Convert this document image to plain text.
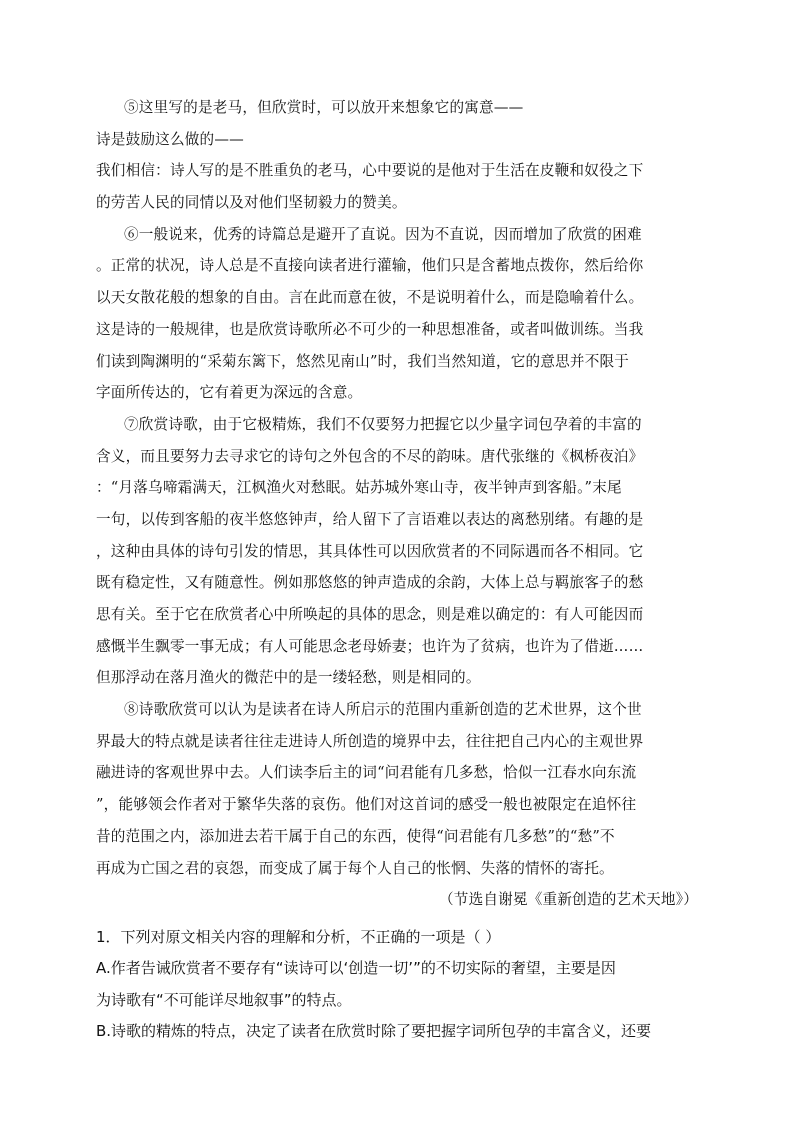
⑤这里写的是老马，但欣赏时，可以放开来想象它的寓意——
诗是鼓励这么做的——
我们相信：诗人写的是不胜重负的老马，心中要说的是他对于生活在皮鞭和奴役之下
的劳苦人民的同情以及对他们坚韧毅力的赞美。
⑥一般说来，优秀的诗篇总是避开了直说。因为不直说，因而增加了欣赏的困难
。正常的状况，诗人总是不直接向读者进行灌输，他们只是含蓄地点拨你，然后给你
以天女散花般的想象的自由。言在此而意在彼，不是说明着什么，而是隐喻着什么。
这是诗的一般规律，也是欣赏诗歌所必不可少的一种思想准备，或者叫做训练。当我
们读到陶渊明的“采菊东篱下，悠然见南山”时，我们当然知道，它的意思并不限于
字面所传达的，它有着更为深远的含意。
⑦欣赏诗歌，由于它极精炼，我们不仅要努力把握它以少量字词包孕着的丰富的
含义，而且要努力去寻求它的诗句之外包含的不尽的韵味。唐代张继的《枫桥夜泊》
：“月落乌啼霜满天，江枫渔火对愁眠。姑苏城外寒山寺，夜半钟声到客船。”末尾
一句，以传到客船的夜半悠悠钟声，给人留下了言语难以表达的离愁别绪。有趣的是
，这种由具体的诗句引发的情思，其具体性可以因欣赏者的不同际遇而各不相同。它
既有稳定性，又有随意性。例如那悠悠的钟声造成的余韵，大体上总与羁旅客子的愁
思有关。至于它在欣赏者心中所唤起的具体的思念，则是难以确定的：有人可能因而
感慨半生飘零一事无成；有人可能思念老母娇妻；也许为了贫病，也许为了借逝……
但那浮动在落月渔火的微茫中的是一缕轻愁，则是相同的。
⑧诗歌欣赏可以认为是读者在诗人所启示的范围内重新创造的艺术世界，这个世
界最大的特点就是读者往往走进诗人所创造的境界中去，往往把自己内心的主观世界
融进诗的客观世界中去。人们读李后主的词“问君能有几多愁，恰似一江春水向东流
”，能够领会作者对于繁华失落的哀伤。他们对这首词的感受一般也被限定在追怀往
昔的范围之内，添加进去若干属于自己的东西，使得“问君能有几多愁”的“愁”不
再成为亡国之君的哀怨，而变成了属于每个人自己的怅惘、失落的情怀的寄托。
（节选自谢冕《重新创造的艺术天地》）
1．下列对原文相关内容的理解和分析，不正确的一项是（ ）
A.作者告诫欣赏者不要存有“读诗可以‘创造一切’”的不切实际的奢望，主要是因
为诗歌有“不可能详尽地叙事”的特点。
B.诗歌的精炼的特点，决定了读者在欣赏时除了要把握字词所包孕的丰富含义，还要
